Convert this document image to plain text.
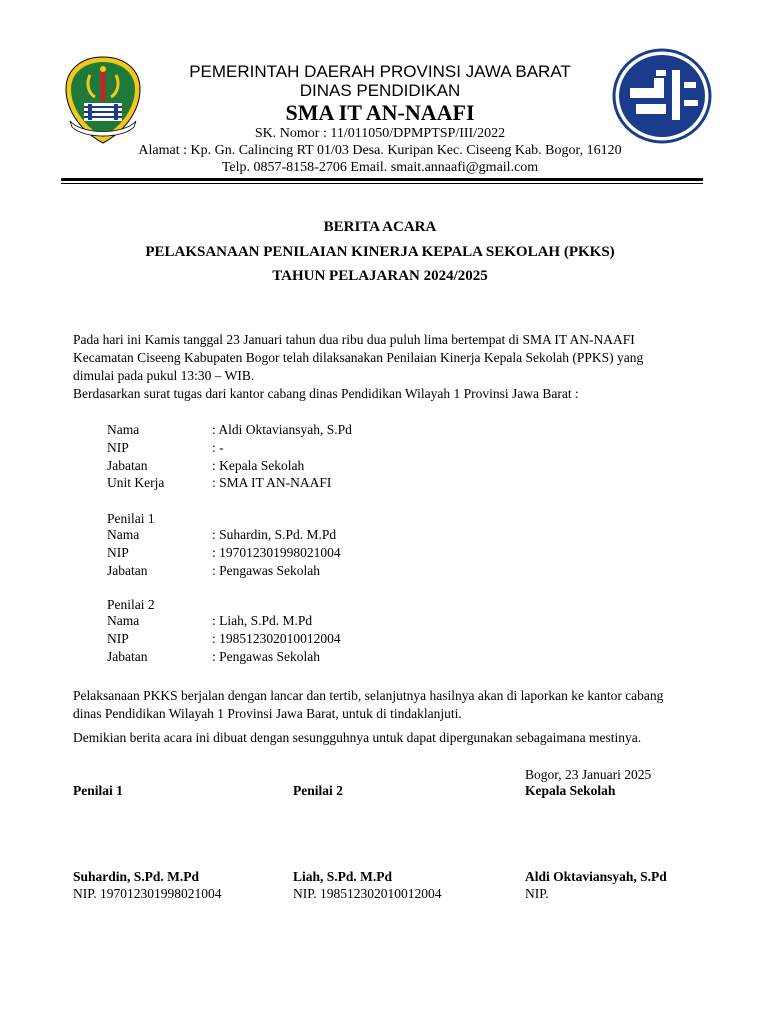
PEMERINTAH DAERAH PROVINSI JAWA BARAT
DINAS PENDIDIKAN
SMA IT AN-NAAFI
SK. Nomor : 11/011050/DPMPTSP/III/2022
Alamat : Kp. Gn. Calincing RT 01/03 Desa. Kuripan Kec. Ciseeng Kab. Bogor, 16120
Telp. 0857-8158-2706 Email. smait.annaafi@gmail.com
BERITA ACARA
PELAKSANAAN PENILAIAN KINERJA KEPALA SEKOLAH (PKKS)
TAHUN PELAJARAN 2024/2025
Pada hari ini Kamis tanggal 23 Januari tahun dua ribu dua puluh lima bertempat di SMA IT AN-NAAFI
Kecamatan Ciseeng Kabupaten Bogor telah dilaksanakan Penilaian Kinerja Kepala Sekolah (PPKS) yang
dimulai pada pukul 13:30 – WIB.
Berdasarkan surat tugas dari kantor cabang dinas Pendidikan Wilayah 1 Provinsi Jawa Barat :
Nama	: Aldi Oktaviansyah, S.Pd
NIP	: -
Jabatan	: Kepala Sekolah
Unit Kerja	: SMA IT AN-NAAFI
Penilai 1
Nama	: Suhardin, S.Pd. M.Pd
NIP	: 197012301998021004
Jabatan	: Pengawas Sekolah
Penilai 2
Nama	: Liah, S.Pd. M.Pd
NIP	: 198512302010012004
Jabatan	: Pengawas Sekolah
Pelaksanaan PKKS berjalan dengan lancar dan tertib, selanjutnya hasilnya akan di laporkan ke kantor cabang
dinas Pendidikan Wilayah 1 Provinsi Jawa Barat, untuk di tindaklanjuti.
Demikian berita acara ini dibuat dengan sesungguhnya untuk dapat dipergunakan sebagaimana mestinya.
Bogor, 23 Januari 2025
Penilai 1	Penilai 2	Kepala Sekolah
Suhardin, S.Pd. M.Pd	Liah, S.Pd. M.Pd	Aldi Oktaviansyah, S.Pd
NIP. 197012301998021004	NIP. 198512302010012004	NIP.
